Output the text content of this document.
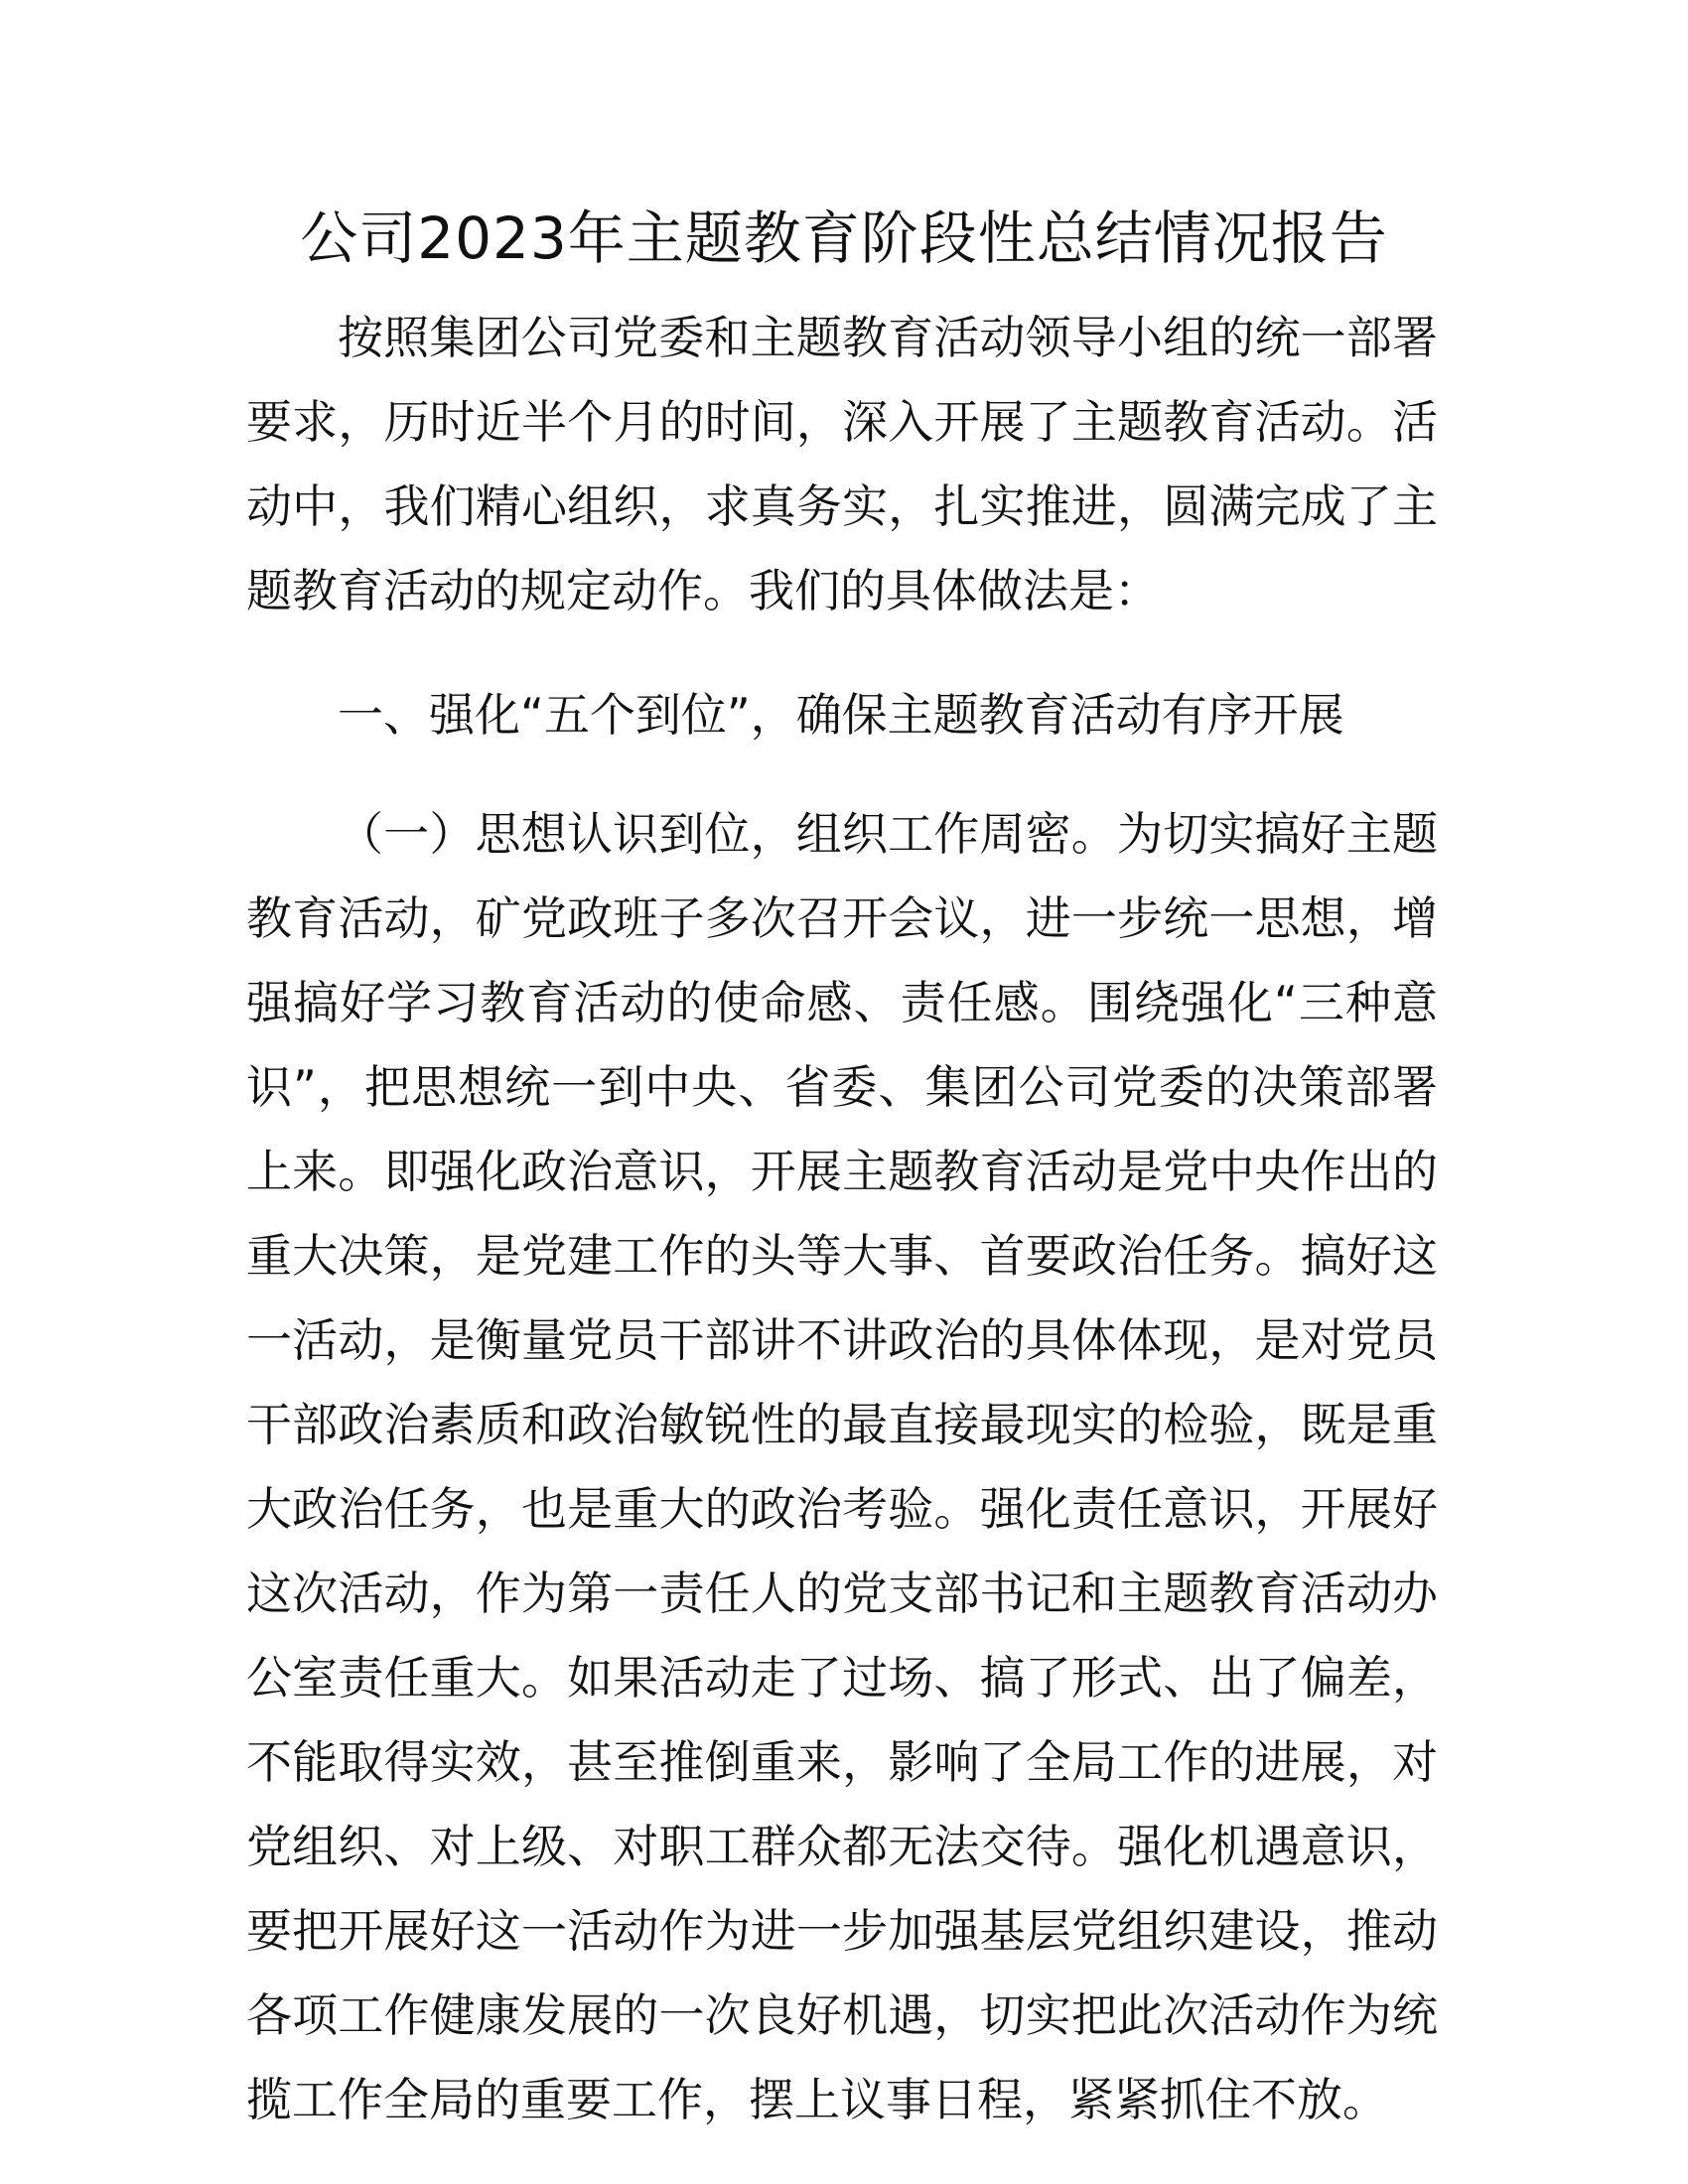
公司2023年主题教育阶段性总结情况报告

按照集团公司党委和主题教育活动领导小组的统一部署要求，历时近半个月的时间，深入开展了主题教育活动。活动中，我们精心组织，求真务实，扎实推进，圆满完成了主题教育活动的规定动作。我们的具体做法是：

一、强化“五个到位”，确保主题教育活动有序开展

（一）思想认识到位，组织工作周密。为切实搞好主题教育活动，矿党政班子多次召开会议，进一步统一思想，增强搞好学习教育活动的使命感、责任感。围绕强化“三种意识”，把思想统一到中央、省委、集团公司党委的决策部署上来。即强化政治意识，开展主题教育活动是党中央作出的重大决策，是党建工作的头等大事、首要政治任务。搞好这一活动，是衡量党员干部讲不讲政治的具体体现，是对党员干部政治素质和政治敏锐性的最直接最现实的检验，既是重大政治任务，也是重大的政治考验。强化责任意识，开展好这次活动，作为第一责任人的党支部书记和主题教育活动办公室责任重大。如果活动走了过场、搞了形式、出了偏差，不能取得实效，甚至推倒重来，影响了全局工作的进展，对党组织、对上级、对职工群众都无法交待。强化机遇意识，要把开展好这一活动作为进一步加强基层党组织建设，推动各项工作健康发展的一次良好机遇，切实把此次活动作为统揽工作全局的重要工作，摆上议事日程，紧紧抓住不放。
